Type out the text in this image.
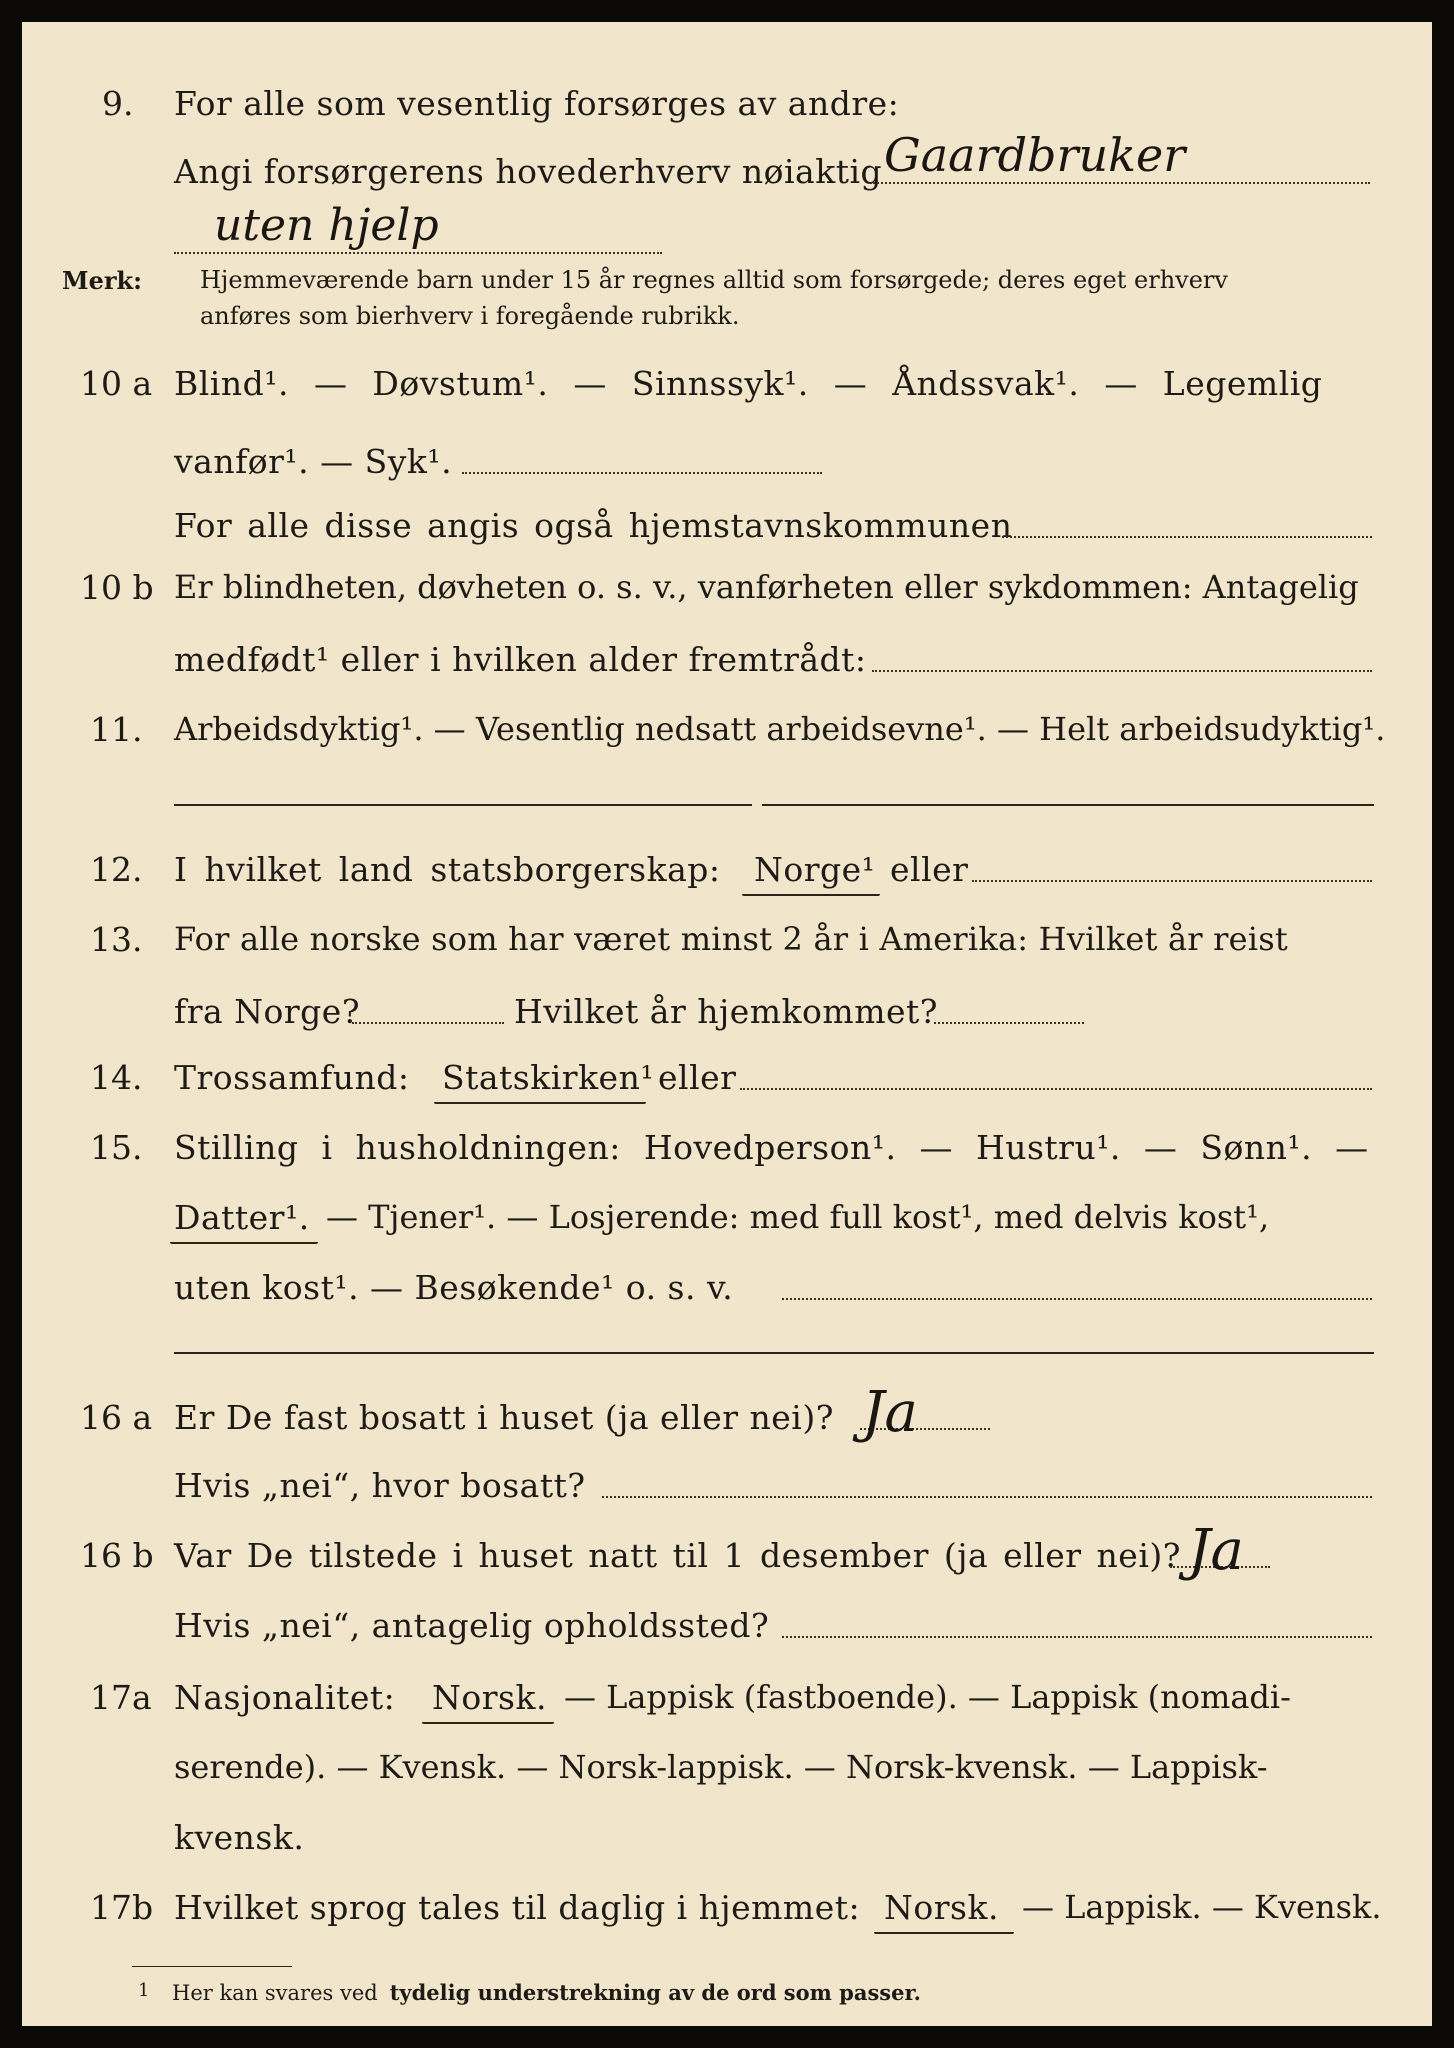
9. For alle som vesentlig forsørges av andre:
Angi forsørgerens hovederhverv nøiaktig Gaardbruker
uten hjelp
Merk: Hjemmeværende barn under 15 år regnes alltid som forsørgede; deres eget erhverv
anføres som bierhverv i foregående rubrikk.
10 a Blind¹. — Døvstum¹. — Sinnssyk¹. — Åndssvak¹. — Legemlig
vanfør¹. — Syk¹.
For alle disse angis også hjemstavnskommunen
10 b Er blindheten, døvheten o. s. v., vanførheten eller sykdommen: Antagelig
medfødt¹ eller i hvilken alder fremtrådt:
11. Arbeidsdyktig¹. — Vesentlig nedsatt arbeidsevne¹. — Helt arbeidsudyktig¹.
12. I hvilket land statsborgerskap: Norge¹ eller
13. For alle norske som har været minst 2 år i Amerika: Hvilket år reist
fra Norge?	Hvilket år hjemkommet?
14. Trossamfund: Statskirken¹ eller
15. Stilling i husholdningen: Hovedperson¹. — Hustru¹. — Sønn¹. —
Datter¹. — Tjener¹. — Losjerende: med full kost¹, med delvis kost¹,
uten kost¹. — Besøkende¹ o. s. v.
16 a Er De fast bosatt i huset (ja eller nei)? Ja
Hvis „nei“, hvor bosatt?
16 b Var De tilstede i huset natt til 1 desember (ja eller nei)? Ja
Hvis „nei“, antagelig opholdssted?
17a Nasjonalitet: Norsk. — Lappisk (fastboende). — Lappisk (nomadi-
serende). — Kvensk. — Norsk-lappisk. — Norsk-kvensk. — Lappisk-
kvensk.
17b Hvilket sprog tales til daglig i hjemmet: Norsk. — Lappisk. — Kvensk.
1 Her kan svares ved tydelig understrekning av de ord som passer.
